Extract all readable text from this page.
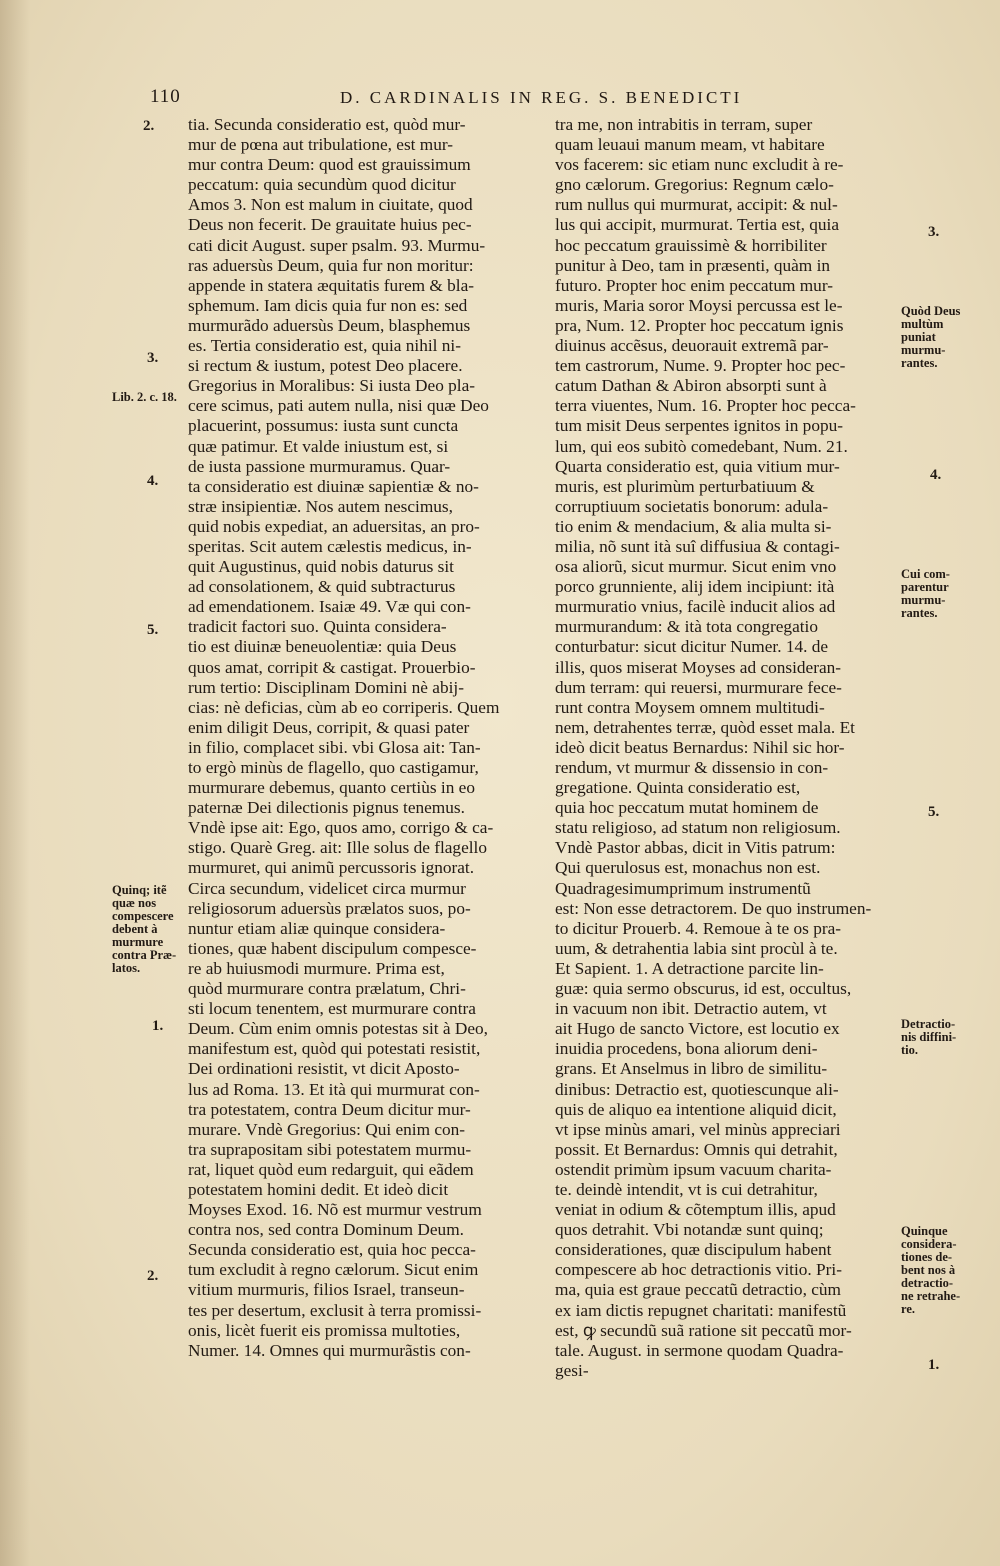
110	D. CARDINALIS IN REG. S. BENEDICTI
tia. Secunda consideratio est, quòd mur-
mur de pœna aut tribulatione, est mur-
mur contra Deum: quod est grauissimum
peccatum: quia secundùm quod dicitur
Amos 3. Non est malum in ciuitate, quod
Deus non fecerit. De grauitate huius pec-
cati dicit August. super psalm. 93. Murmu-
ras aduersùs Deum, quia fur non moritur:
appende in statera æquitatis furem & bla-
sphemum. Iam dicis quia fur non es: sed
murmurãdo aduersùs Deum, blasphemus
es. Tertia consideratio est, quia nihil ni-
si rectum & iustum, potest Deo placere.
Gregorius in Moralibus: Si iusta Deo pla-
cere scimus, pati autem nulla, nisi quæ Deo
placuerint, possumus: iusta sunt cuncta
quæ patimur. Et valde iniustum est, si
de iusta passione murmuramus. Quar-
ta consideratio est diuinæ sapientiæ & no-
stræ insipientiæ. Nos autem nescimus,
quid nobis expediat, an aduersitas, an pro-
speritas. Scit autem cælestis medicus, in-
quit Augustinus, quid nobis daturus sit
ad consolationem, & quid subtracturus
ad emendationem. Isaiæ 49. Væ qui con-
tradicit factori suo. Quinta considera-
tio est diuinæ beneuolentiæ: quia Deus
quos amat, corripit & castigat. Prouerbio-
rum tertio: Disciplinam Domini nè abij-
cias: nè deficias, cùm ab eo corriperis. Quem
enim diligit Deus, corripit, & quasi pater
in filio, complacet sibi. vbi Glosa ait: Tan-
to ergò minùs de flagello, quo castigamur,
murmurare debemus, quanto certiùs in eo
paternæ Dei dilectionis pignus tenemus.
Vndè ipse ait: Ego, quos amo, corrigo & ca-
stigo. Quarè Greg. ait: Ille solus de flagello
murmuret, qui animũ percussoris ignorat.
Circa secundum, videlicet circa murmur
religiosorum aduersùs prælatos suos, po-
nuntur etiam aliæ quinque considera-
tiones, quæ habent discipulum compesce-
re ab huiusmodi murmure. Prima est,
quòd murmurare contra prælatum, Chri-
sti locum tenentem, est murmurare contra
Deum. Cùm enim omnis potestas sit à Deo,
manifestum est, quòd qui potestati resistit,
Dei ordinationi resistit, vt dicit Aposto-
lus ad Roma. 13. Et ità qui murmurat con-
tra potestatem, contra Deum dicitur mur-
murare. Vndè Gregorius: Qui enim con-
tra suprapositam sibi potestatem murmu-
rat, liquet quòd eum redarguit, qui eãdem
potestatem homini dedit. Et ideò dicit
Moyses Exod. 16. Nõ est murmur vestrum
contra nos, sed contra Dominum Deum.
Secunda consideratio est, quia hoc pecca-
tum excludit à regno cælorum. Sicut enim
vitium murmuris, filios Israel, transeun-
tes per desertum, exclusit à terra promissi-
onis, licèt fuerit eis promissa multoties,
Numer. 14. Omnes qui murmurãstis con-
tra me, non intrabitis in terram, super
quam leuaui manum meam, vt habitare
vos facerem: sic etiam nunc excludit à re-
gno cælorum. Gregorius: Regnum cælo-
rum nullus qui murmurat, accipit: & nul-
lus qui accipit, murmurat. Tertia est, quia
hoc peccatum grauissimè & horribiliter
punitur à Deo, tam in præsenti, quàm in
futuro. Propter hoc enim peccatum mur-
muris, Maria soror Moysi percussa est le-
pra, Num. 12. Propter hoc peccatum ignis
diuinus accẽsus, deuorauit extremã par-
tem castrorum, Nume. 9. Propter hoc pec-
catum Dathan & Abiron absorpti sunt à
terra viuentes, Num. 16. Propter hoc pecca-
tum misit Deus serpentes ignitos in popu-
lum, qui eos subitò comedebant, Num. 21.
Quarta consideratio est, quia vitium mur-
muris, est plurimùm perturbatiuum &
corruptiuum societatis bonorum: adula-
tio enim & mendacium, & alia multa si-
milia, nõ sunt ità suî diffusiua & contagi-
osa aliorũ, sicut murmur. Sicut enim vno
porco grunniente, alij idem incipiunt: ità
murmuratio vnius, facilè inducit alios ad
murmurandum: & ità tota congregatio
conturbatur: sicut dicitur Numer. 14. de
illis, quos miserat Moyses ad consideran-
dum terram: qui reuersi, murmurare fece-
runt contra Moysem omnem multitudi-
nem, detrahentes terræ, quòd esset mala. Et
ideò dicit beatus Bernardus: Nihil sic hor-
rendum, vt murmur & dissensio in con-
gregatione. Quinta consideratio est,
quia hoc peccatum mutat hominem de
statu religioso, ad statum non religiosum.
Vndè Pastor abbas, dicit in Vitis patrum:
Qui querulosus est, monachus non est.
Quadragesimumprimum instrumentũ
est: Non esse detractorem. De quo instrumen-
to dicitur Prouerb. 4. Remoue à te os pra-
uum, & detrahentia labia sint procùl à te.
Et Sapient. 1. A detractione parcite lin-
guæ: quia sermo obscurus, id est, occultus,
in vacuum non ibit. Detractio autem, vt
ait Hugo de sancto Victore, est locutio ex
inuidia procedens, bona aliorum deni-
grans. Et Anselmus in libro de similitu-
dinibus: Detractio est, quotiescunque ali-
quis de aliquo ea intentione aliquid dicit,
vt ipse minùs amari, vel minùs appreciari
possit. Et Bernardus: Omnis qui detrahit,
ostendit primùm ipsum vacuum charita-
te. deindè intendit, vt is cui detrahitur,
veniat in odium & cõtemptum illis, apud
quos detrahit. Vbi notandæ sunt quinq;
considerationes, quæ discipulum habent
compescere ab hoc detractionis vitio. Pri-
ma, quia est graue peccatũ detractio, cùm
ex iam dictis repugnet charitati: manifestũ
est, ꝙ secundũ suã ratione sit peccatũ mor-
tale. August. in sermone quodam Quadra-
gesi-
2.
3.
4.
5.
1.
2.
Lib. 2. c. 18.
Quinq; itẽ
quæ nos
compescere
debent à
murmure
contra Præ-
latos.
3.
4.
5.
1.
Quòd Deus
multùm
puniat
murmu-
rantes.
Cui com-
parentur
murmu-
rantes.
Detractio-
nis diffini-
tio.
Quinque
considera-
tiones de-
bent nos à
detractio-
ne retrahe-
re.
